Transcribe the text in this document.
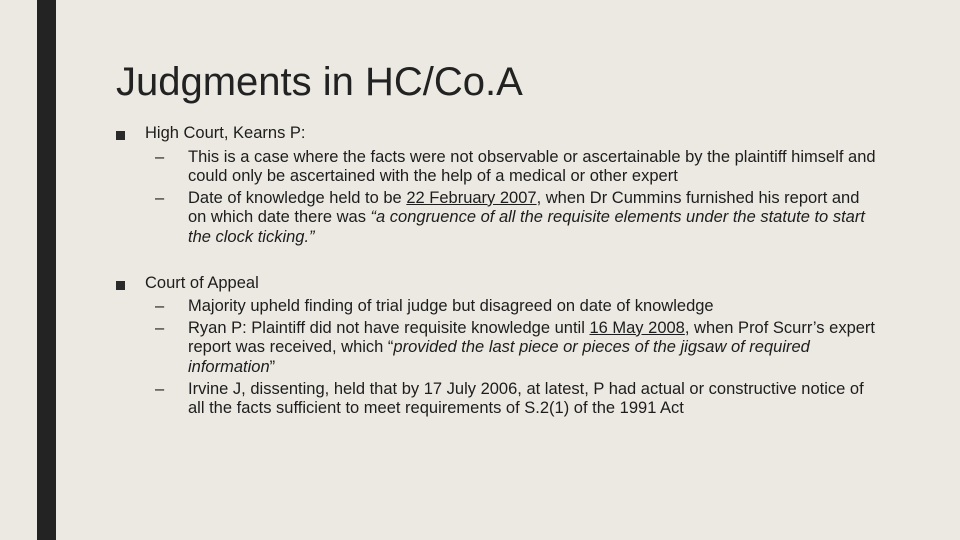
Judgments in HC/Co.A
High Court, Kearns P:
– This is a case where the facts were not observable or ascertainable by the plaintiff himself and could only be ascertained with the help of a medical or other expert
– Date of knowledge held to be 22 February 2007, when Dr Cummins furnished his report and on which date there was “a congruence of all the requisite elements under the statute to start the clock ticking.”
Court of Appeal
– Majority upheld finding of trial judge but disagreed on date of knowledge
– Ryan P: Plaintiff did not have requisite knowledge until 16 May 2008, when Prof Scurr’s expert report was received, which “provided the last piece or pieces of the jigsaw of required information”
– Irvine J, dissenting, held that by 17 July 2006, at latest, P had actual or constructive notice of all the facts sufficient to meet requirements of S.2(1) of the 1991 Act
